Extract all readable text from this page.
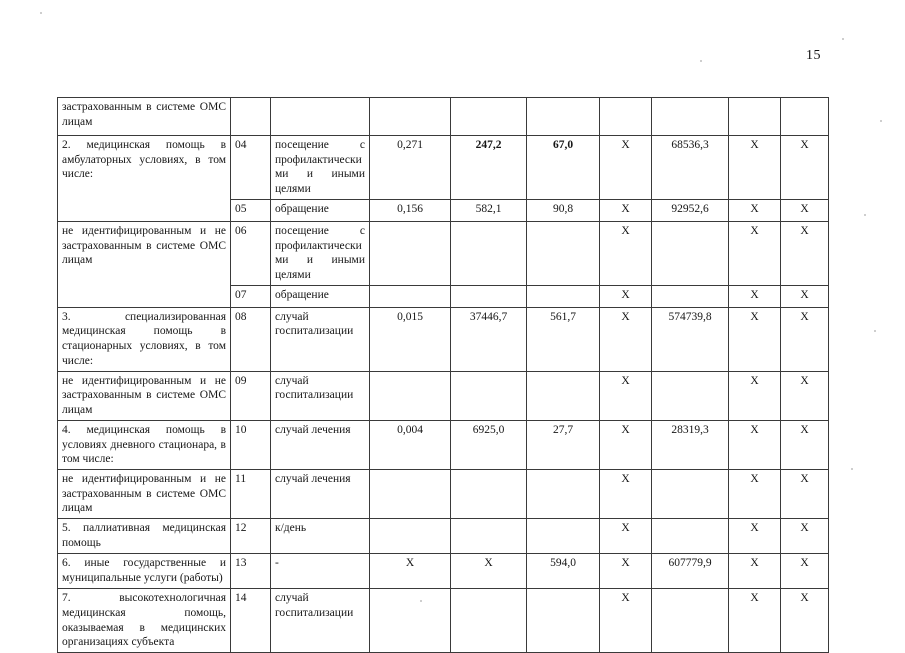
15
застрахованным в системе ОМС лицам									
2. медицинская помощь в амбулаторных условиях, в том числе:	04	посещение с профилактическими и иными целями	0,271	247,2	67,0	X	68536,3	X	X
	05	обращение	0,156	582,1	90,8	X	92952,6	X	X
не идентифицированным и не застрахованным в системе ОМС лицам	06	посещение с профилактическими и иными целями				X		X	X
	07	обращение				X		X	X
3. специализированная медицинская помощь в стационарных условиях, в том числе:	08	случай госпитализации	0,015	37446,7	561,7	X	574739,8	X	X
не идентифицированным и не застрахованным в системе ОМС лицам	09	случай госпитализации				X		X	X
4. медицинская помощь в условиях дневного стационара, в том числе:	10	случай лечения	0,004	6925,0	27,7	X	28319,3	X	X
не идентифицированным и не застрахованным в системе ОМС лицам	11	случай лечения				X		X	X
5. паллиативная медицинская помощь	12	к/день				X		X	X
6. иные государственные и муниципальные услуги (работы)	13	-	X	X	594,0	X	607779,9	X	X
7. высокотехнологичная медицинская помощь, оказываемая в медицинских организациях субъекта	14	случай госпитализации				X		X	X
